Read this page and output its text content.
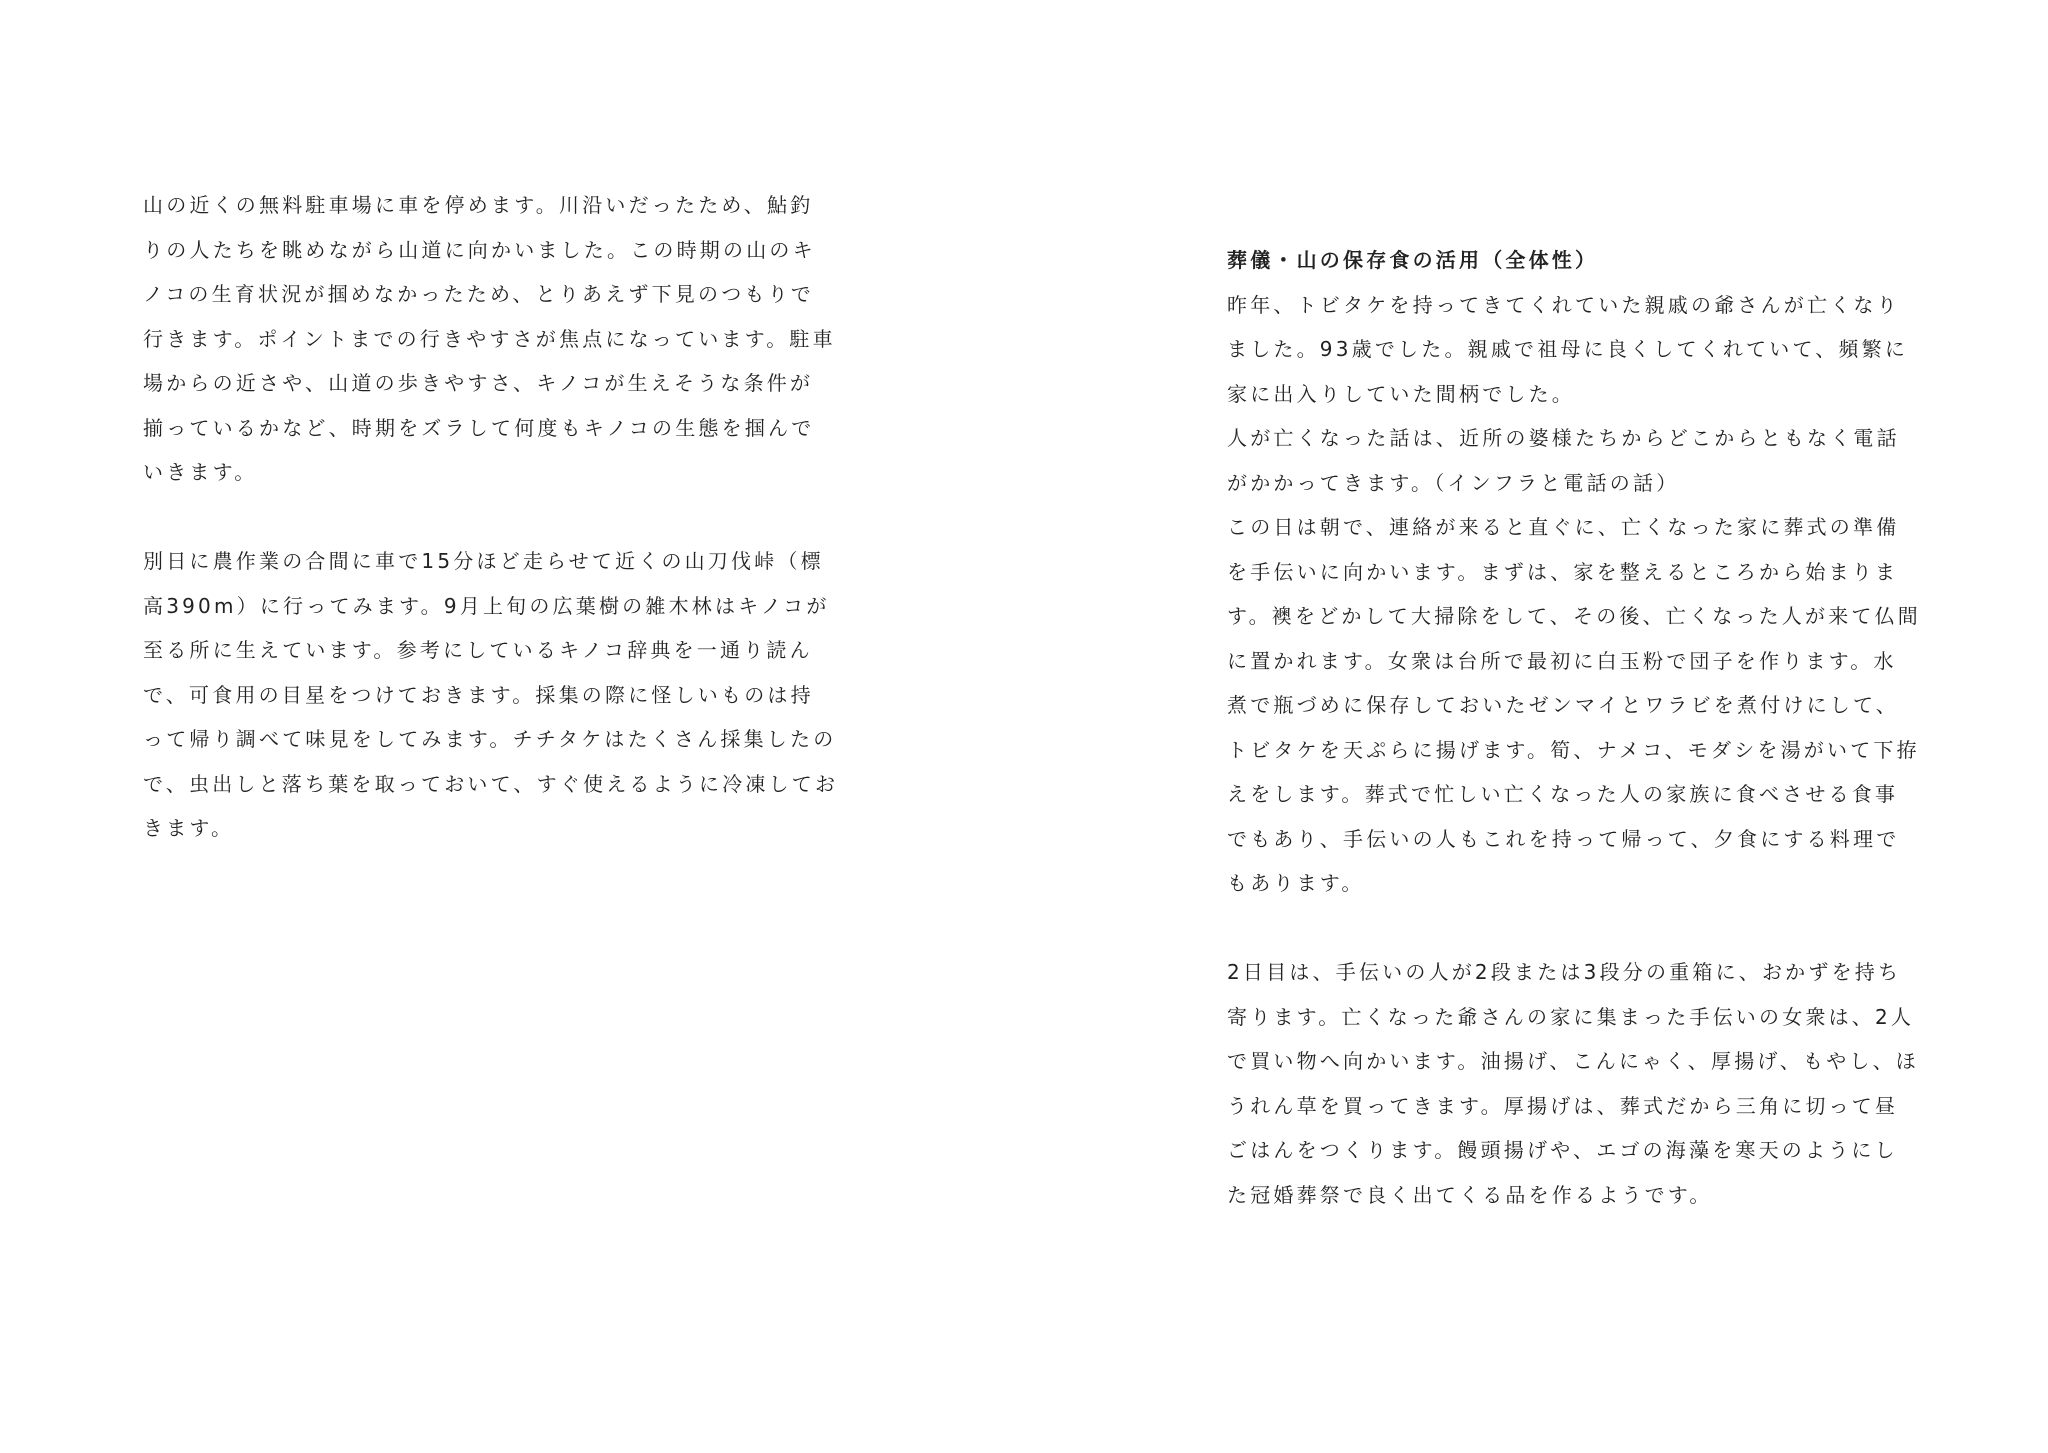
山の近くの無料駐車場に車を停めます。川沿いだったため、鮎釣
りの人たちを眺めながら山道に向かいました。この時期の山のキ
ノコの生育状況が掴めなかったため、とりあえず下見のつもりで
行きます。ポイントまでの行きやすさが焦点になっています。駐車
場からの近さや、山道の歩きやすさ、キノコが生えそうな条件が
揃っているかなど、時期をズラして何度もキノコの生態を掴んで
いきます。

別日に農作業の合間に車で15分ほど走らせて近くの山刀伐峠（標
高390m）に行ってみます。9月上旬の広葉樹の雑木林はキノコが
至る所に生えています。参考にしているキノコ辞典を一通り読ん
で、可食用の目星をつけておきます。採集の際に怪しいものは持
って帰り調べて味見をしてみます。チチタケはたくさん採集したの
で、虫出しと落ち葉を取っておいて、すぐ使えるように冷凍してお
きます。

葬儀・山の保存食の活用（全体性）

昨年、トビタケを持ってきてくれていた親戚の爺さんが亡くなり
ました。93歳でした。親戚で祖母に良くしてくれていて、頻繁に
家に出入りしていた間柄でした。
人が亡くなった話は、近所の婆様たちからどこからともなく電話
がかかってきます。（インフラと電話の話）
この日は朝で、連絡が来ると直ぐに、亡くなった家に葬式の準備
を手伝いに向かいます。まずは、家を整えるところから始まりま
す。襖をどかして大掃除をして、その後、亡くなった人が来て仏間
に置かれます。女衆は台所で最初に白玉粉で団子を作ります。水
煮で瓶づめに保存しておいたゼンマイとワラビを煮付けにして、
トビタケを天ぷらに揚げます。筍、ナメコ、モダシを湯がいて下拵
えをします。葬式で忙しい亡くなった人の家族に食べさせる食事
でもあり、手伝いの人もこれを持って帰って、夕食にする料理で
もあります。

2日目は、手伝いの人が2段または3段分の重箱に、おかずを持ち
寄ります。亡くなった爺さんの家に集まった手伝いの女衆は、2人
で買い物へ向かいます。油揚げ、こんにゃく、厚揚げ、もやし、ほ
うれん草を買ってきます。厚揚げは、葬式だから三角に切って昼
ごはんをつくります。饅頭揚げや、エゴの海藻を寒天のようにし
た冠婚葬祭で良く出てくる品を作るようです。
